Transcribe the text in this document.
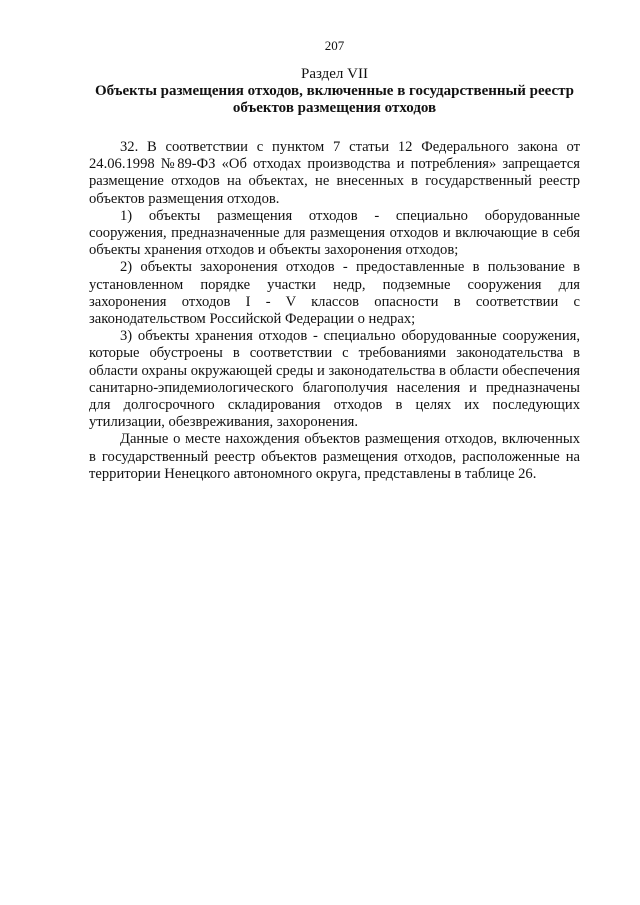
207
Раздел VII
Объекты размещения отходов, включенные в государственный реестр
объектов размещения отходов

32. В соответствии с пунктом 7 статьи 12 Федерального закона от 24.06.1998 №89-ФЗ «Об отходах производства и потребления» запрещается размещение отходов на объектах, не внесенных в государственный реестр объектов размещения отходов.

1) объекты размещения отходов - специально оборудованные сооружения, предназначенные для размещения отходов и включающие в себя объекты хранения отходов и объекты захоронения отходов;

2) объекты захоронения отходов - предоставленные в пользование в установленном порядке участки недр, подземные сооружения для захоронения отходов I - V классов опасности в соответствии с законодательством Российской Федерации о недрах;

3) объекты хранения отходов - специально оборудованные сооружения, которые обустроены в соответствии с требованиями законодательства в области охраны окружающей среды и законодательства в области обеспечения санитарно-эпидемиологического благополучия населения и предназначены для долгосрочного складирования отходов в целях их последующих утилизации, обезвреживания, захоронения.

Данные о месте нахождения объектов размещения отходов, включенных в государственный реестр объектов размещения отходов, расположенные на территории Ненецкого автономного округа, представлены в таблице 26.
